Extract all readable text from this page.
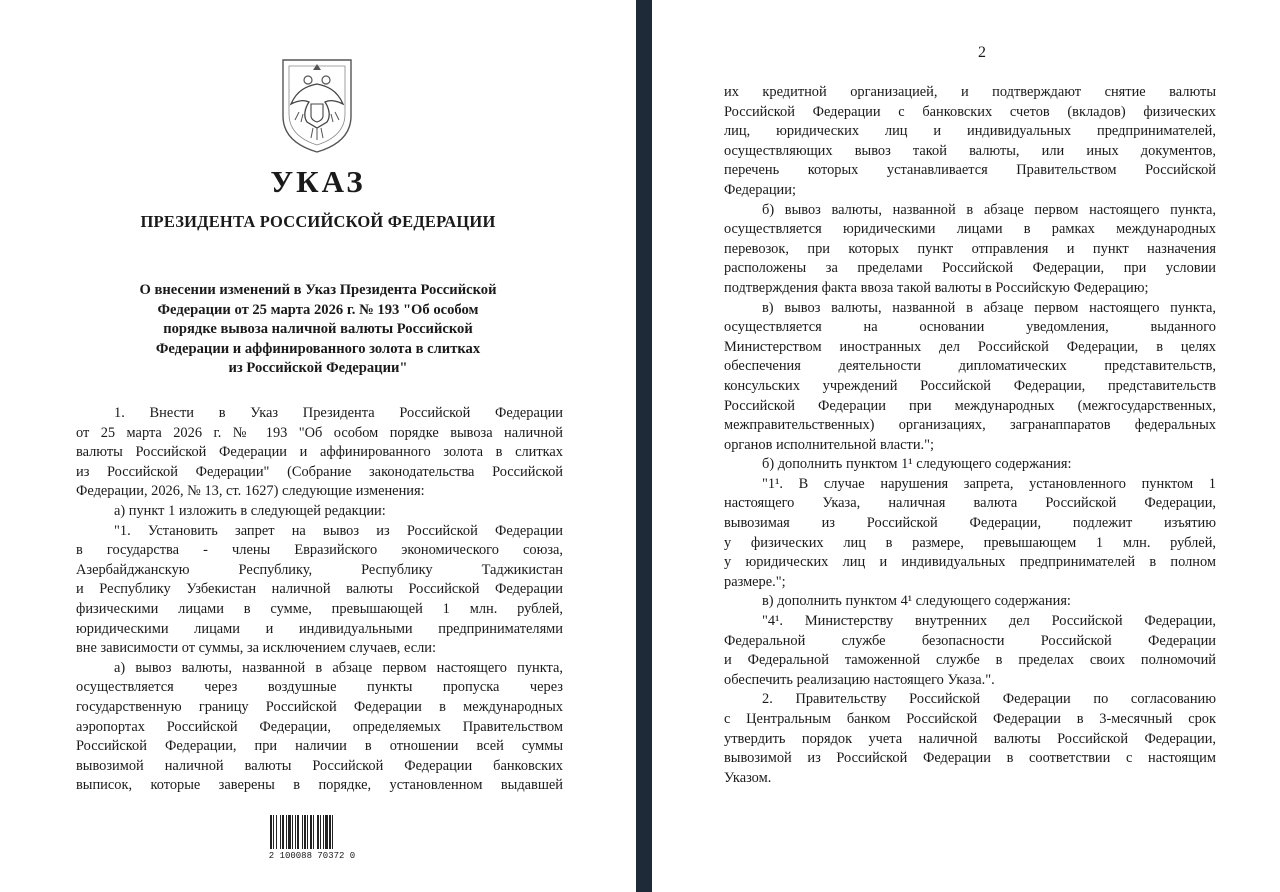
УКАЗ
ПРЕЗИДЕНТА РОССИЙСКОЙ ФЕДЕРАЦИИ
О внесении изменений в Указ Президента Российской
Федерации от 25 марта 2026 г. № 193 "Об особом
порядке вывоза наличной валюты Российской
Федерации и аффинированного золота в слитках
из Российской Федерации"

2 100088 70372 0

1. Внести в Указ Президента Российской Федерации
от 25 марта 2026 г. № 193 "Об особом порядке вывоза наличной
валюты Российской Федерации и аффинированного золота в слитках
из Российской Федерации" (Собрание законодательства Российской
Федерации, 2026, № 13, ст. 1627) следующие изменения:
а) пункт 1 изложить в следующей редакции:
"1. Установить запрет на вывоз из Российской Федерации
в государства - члены Евразийского экономического союза,
Азербайджанскую Республику, Республику Таджикистан
и Республику Узбекистан наличной валюты Российской Федерации
физическими лицами в сумме, превышающей 1 млн. рублей,
юридическими лицами и индивидуальными предпринимателями
вне зависимости от суммы, за исключением случаев, если:
а) вывоз валюты, названной в абзаце первом настоящего пункта,
осуществляется через воздушные пункты пропуска через
государственную границу Российской Федерации в международных
аэропортах Российской Федерации, определяемых Правительством
Российской Федерации, при наличии в отношении всей суммы
вывозимой наличной валюты Российской Федерации банковских
выписок, которые заверены в порядке, установленном выдавшей

2

их кредитной организацией, и подтверждают снятие валюты
Российской Федерации с банковских счетов (вкладов) физических
лиц, юридических лиц и индивидуальных предпринимателей,
осуществляющих вывоз такой валюты, или иных документов,
перечень которых устанавливается Правительством Российской
Федерации;
б) вывоз валюты, названной в абзаце первом настоящего пункта,
осуществляется юридическими лицами в рамках международных
перевозок, при которых пункт отправления и пункт назначения
расположены за пределами Российской Федерации, при условии
подтверждения факта ввоза такой валюты в Российскую Федерацию;
в) вывоз валюты, названной в абзаце первом настоящего пункта,
осуществляется на основании уведомления, выданного
Министерством иностранных дел Российской Федерации, в целях
обеспечения деятельности дипломатических представительств,
консульских учреждений Российской Федерации, представительств
Российской Федерации при международных (межгосударственных,
межправительственных) организациях, загранаппаратов федеральных
органов исполнительной власти.";
б) дополнить пунктом 1¹ следующего содержания:
"1¹. В случае нарушения запрета, установленного пунктом 1
настоящего Указа, наличная валюта Российской Федерации,
вывозимая из Российской Федерации, подлежит изъятию
у физических лиц в размере, превышающем 1 млн. рублей,
у юридических лиц и индивидуальных предпринимателей в полном
размере.";
в) дополнить пунктом 4¹ следующего содержания:
"4¹. Министерству внутренних дел Российской Федерации,
Федеральной службе безопасности Российской Федерации
и Федеральной таможенной службе в пределах своих полномочий
обеспечить реализацию настоящего Указа.".
2. Правительству Российской Федерации по согласованию
с Центральным банком Российской Федерации в 3-месячный срок
утвердить порядок учета наличной валюты Российской Федерации,
вывозимой из Российской Федерации в соответствии с настоящим
Указом.
